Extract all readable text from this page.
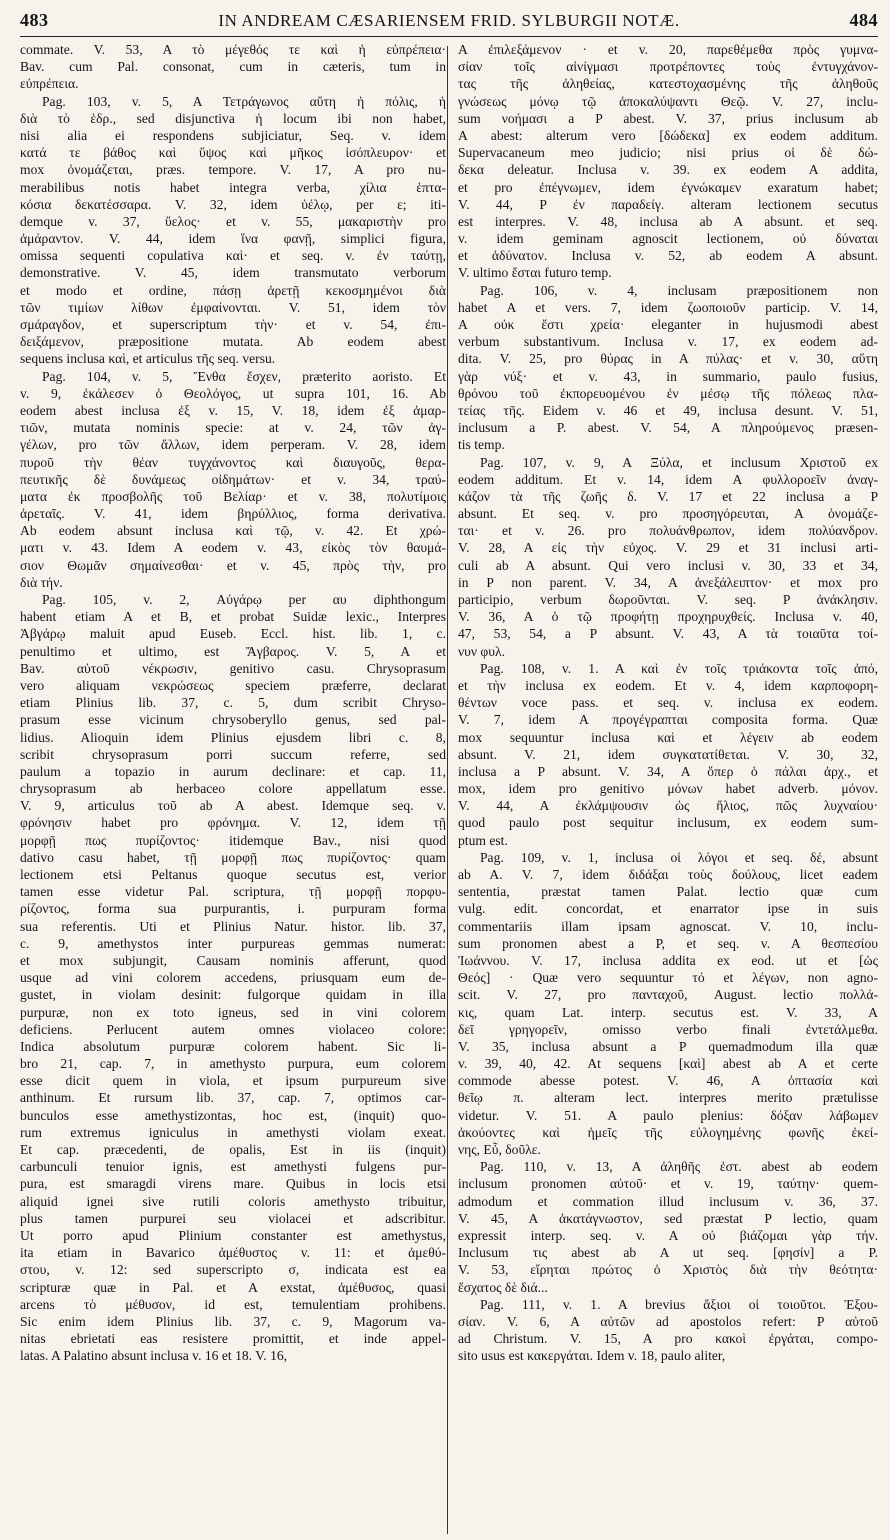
483	IN ANDREAM CÆSARIENSEM FRID. SYLBURGII NOTÆ.	484
commate. V. 53, A τὸ μέγεθός τε καὶ ἡ εὐπρέπεια·
Bav. cum Pal. consonat, cum in cæteris, tum in
εὐπρέπεια.
Pag. 103, v. 5, A Τετράγωνος αὕτη ἡ πόλις, ἡ
διὰ τὸ ἑδρ., sed disjunctiva ἡ locum ibi non habet,
nisi alia ei respondens subjiciatur, Seq. v. idem
κατά τε βάθος καὶ ὕψος καὶ μῆκος ἰσόπλευρον· et
mox ὀνομάζεται, præs. tempore. V. 17, A pro nu-
merabilibus notis habet integra verba, χίλια ἑπτα-
κόσια δεκατέσσαρα. V. 32, idem ὑέλῳ, per ε; iti-
demque v. 37, ὕελος· et v. 55, μακαριστὴν pro
ἀμάραντον. V. 44, idem ἵνα φανῇ, simplici figura,
omissa sequenti copulativa καὶ· et seq. v. ἐν ταύτῃ,
demonstrative. V. 45, idem transmutato verborum
et modo et ordine, πάσῃ ἀρετῇ κεκοσμημένοι διὰ
τῶν τιμίων λίθων ἐμφαίνονται. V. 51, idem τὸν
σμάραγδον, et superscriptum τὴν· et v. 54, ἐπι-
δειξάμενον, præpositione mutata. Ab eodem abest
sequens inclusa καὶ, et articulus τῆς seq. versu.
Pag. 104, v. 5, Ἔνθα ἔσχεν, præterito aoristo. Et
v. 9, ἐκάλεσεν ὁ Θεολόγος, ut supra 101, 16. Ab
eodem abest inclusa ἐξ v. 15, V. 18, idem ἐξ ἁμαρ-
τιῶν, mutata nominis specie: at v. 24, τῶν ἀγ-
γέλων, pro τῶν ἄλλων, idem perperam. V. 28, idem
πυροῦ τὴν θέαν τυγχάνοντος καὶ διαυγοῦς, θερα-
πευτικῆς δὲ δυνάμεως οἰδημάτων· et v. 34, τραύ-
ματα ἐκ προσβολῆς τοῦ Βελίαρ· et v. 38, πολυτίμοις
ἀρεταῖς. V. 41, idem βηρύλλιος, forma derivativa.
Ab eodem absunt inclusa καὶ τῷ, v. 42. Et χρώ-
ματι v. 43. Idem A eodem v. 43, εἰκὸς τὸν θαυμά-
σιον Θωμᾶν σημαίνεσθαι· et v. 45, πρὸς τὴν, pro
διὰ τήν.
Pag. 105, v. 2, Αὐγάρῳ per αυ diphthongum
habent etiam A et B, et probat Suidæ lexic., Interpres
Ἀβγάρῳ maluit apud Euseb. Eccl. hist. lib. 1, c.
penultimo et ultimo, est Ἄγβαρος. V. 5, A et
Bav. αὐτοῦ νέκρωσιν, genitivo casu. Chrysoprasum
vero aliquam νεκρώσεως speciem præferre, declarat
etiam Plinius lib. 37, c. 5, dum scribit Chryso-
prasum esse vicinum chrysoberyllo genus, sed pal-
lidius. Alioquin idem Plinius ejusdem libri c. 8,
scribit chrysoprasum porri succum referre, sed
paulum a topazio in aurum declinare: et cap. 11,
chrysoprasum ab herbaceo colore appellatum esse.
V. 9, articulus τοῦ ab A abest. Idemque seq. v.
φρόνησιν habet pro φρόνημα. V. 12, idem τῇ
μορφῇ πως πυρίζοντος· itidemque Bav., nisi quod
dativo casu habet, τῇ μορφῇ πως πυρίζοντος· quam
lectionem etsi Peltanus quoque secutus est, verior
tamen esse videtur Pal. scriptura, τῇ μορφῇ πορφυ-
ρίζοντος, forma sua purpurantis, i. purpuram forma
sua referentis. Uti et Plinius Natur. histor. lib. 37,
c. 9, amethystos inter purpureas gemmas numerat:
et mox subjungit, Causam nominis afferunt, quod
usque ad vini colorem accedens, priusquam eum de-
gustet, in violam desinit: fulgorque quidam in illa
purpuræ, non ex toto igneus, sed in vini colorem
deficiens. Perlucent autem omnes violaceo colore:
Indica absolutum purpuræ colorem habent. Sic li-
bro 21, cap. 7, in amethysto purpura, eum colorem
esse dicit quem in viola, et ipsum purpureum sive
anthinum. Et rursum lib. 37, cap. 7, optimos car-
bunculos esse amethystizontas, hoc est, (inquit) quo-
rum extremus igniculus in amethysti violam exeat.
Et cap. præcedenti, de opalis, Est in iis (inquit)
carbunculi tenuior ignis, est amethysti fulgens pur-
pura, est smaragdi virens mare. Quibus in locis etsi
aliquid ignei sive rutili coloris amethysto tribuitur,
plus tamen purpurei seu violacei et adscribitur.
Ut porro apud Plinium constanter est amethystus,
ita etiam in Bavarico ἀμέθυστος v. 11: et ἀμεθύ-
στου, v. 12: sed superscripto σ, indicata est ea
scripturæ quæ in Pal. et A exstat, ἀμέθυσος, quasi
arcens τὸ μέθυσον, id est, temulentiam prohibens.
Sic enim idem Plinius lib. 37, c. 9, Magorum va-
nitas ebrietati eas resistere promittit, et inde appel-
latas. A Palatino absunt inclusa v. 16 et 18. V. 16,
A ἐπιλεξάμενον · et v. 20, παρεθέμεθα πρὸς γυμνα-
σίαν τοῖς αἰνίγμασι προτρέποντες τοὺς ἐντυγχάνον-
τας τῆς ἀληθείας, κατεστοχασμένης τῆς ἀληθοῦς
γνώσεως μόνῳ τῷ ἀποκαλύψαντι Θεῷ. V. 27, inclu-
sum νοήμασι a P abest. V. 37, prius inclusum ab
A abest: alterum vero [δώδεκα] ex eodem additum.
Supervacaneum meo judicio; nisi prius οἱ δὲ δώ-
δεκα deleatur. Inclusa v. 39. ex eodem A addita,
et pro ἐπέγνωμεν, idem ἐγνώκαμεν exaratum habet;
V. 44, P ἐν παραδείγ. alteram lectionem secutus
est interpres. V. 48, inclusa ab A absunt. et seq.
v. idem geminam agnoscit lectionem, οὐ δύναται
et ἀδύνατον. Inclusa v. 52, ab eodem A absunt.
V. ultimo ἔσται futuro temp.
Pag. 106, v. 4, inclusam præpositionem non
habet A et vers. 7, idem ζωοποιοῦν particip. V. 14,
A οὐκ ἔστι χρεία· eleganter in hujusmodi abest
verbum substantivum. Inclusa v. 17, ex eodem ad-
dita. V. 25, pro θύρας in A πύλας· et v. 30, αὕτη
γὰρ νύξ· et v. 43, in summario, paulo fusius,
θρόνου τοῦ ἐκπορευομένου ἐν μέσῳ τῆς πόλεως πλα-
τείας τῆς. Eidem v. 46 et 49, inclusa desunt. V. 51,
inclusum a P. abest. V. 54, A πληρούμενος præsen-
tis temp.
Pag. 107, v. 9, A Ξύλα, et inclusum Χριστοῦ ex
eodem additum. Et v. 14, idem A φυλλοροεῖν ἀναγ-
κάζον τὰ τῆς ζωῆς δ. V. 17 et 22 inclusa a P
absunt. Et seq. v. pro προσηγόρευται, A ὀνομάζε-
ται· et v. 26. pro πολυάνθρωπον, idem πολύανδρον.
V. 28, A εἰς τὴν εὐχος. V. 29 et 31 inclusi arti-
culi ab A absunt. Qui vero inclusi v. 30, 33 et 34,
in P non parent. V. 34, A ἀνεξάλειπτον· et mox pro
participio, verbum δωροῦνται. V. seq. P ἀνάκλησιν.
V. 36, A ὁ τῷ προφήτῃ προχηρυχθείς. Inclusa v. 40,
47, 53, 54, a P absunt. V. 43, A τὰ τοιαῦτα τοί-
νυν φυλ.
Pag. 108, v. 1. A καὶ ἐν τοῖς τριάκοντα τοῖς ἀπό,
et τὴν inclusa ex eodem. Et v. 4, idem καρποφορη-
θέντων voce pass. et seq. v. inclusa ex eodem.
V. 7, idem A προγέγραπται composita forma. Quæ
mox sequuntur inclusa καὶ et λέγειν ab eodem
absunt. V. 21, idem συγκατατίθεται. V. 30, 32,
inclusa a P absunt. V. 34, A ὅπερ ὁ πάλαι ἀρχ., et
mox, idem pro genitivo μόνων habet adverb. μόνον.
V. 44, A ἐκλάμψουσιν ὡς ἥλιος, πῶς λυχναίου·
quod paulo post sequitur inclusum, ex eodem sum-
ptum est.
Pag. 109, v. 1, inclusa οἱ λόγοι et seq. δέ, absunt
ab A. V. 7, idem διδάξαι τοὺς δούλους, licet eadem
sententia, præstat tamen Palat. lectio quæ cum
vulg. edit. concordat, et enarrator ipse in suis
commentariis illam ipsam agnoscat. V. 10, inclu-
sum pronomen abest a P, et seq. v. A θεσπεσίου
Ἰωάννου. V. 17, inclusa addita ex eod. ut et [ὡς
Θεός] · Quæ vero sequuntur τό et λέγων, non agno-
scit. V. 27, pro πανταχοῦ, August. lectio πολλά-
κις, quam Lat. interp. secutus est. V. 33, A
δεῖ γρηγορεῖν, omisso verbo finali ἐντετάλμεθα.
V. 35, inclusa absunt a P quemadmodum illa quæ
v. 39, 40, 42. At sequens [καὶ] abest ab A et certe
commode abesse potest. V. 46, A ὀπτασία καὶ
θεῖῳ π. alteram lect. interpres merito prætulisse
videtur. V. 51. A paulo plenius: δόξαν λάβωμεν
ἀκούοντες καὶ ἡμεῖς τῆς εὐλογημένης φωνῆς ἐκεί-
νης, Εὖ, δοῦλε.
Pag. 110, v. 13, A ἀληθῆς ἐστ. abest ab eodem
inclusum pronomen αὐτοῦ· et v. 19, ταύτην· quem-
admodum et commation illud inclusum v. 36, 37.
V. 45, A ἀκατάγνωστον, sed præstat P lectio, quam
expressit interp. seq. v. A οὐ βιάζομαι γὰρ τήν.
Inclusum τις abest ab A ut seq. [φησίν] a P.
V. 53, εἴρηται πρώτος ὁ Χριστὸς διὰ τὴν θεότητα·
ἔσχατος δὲ διά...
Pag. 111, v. 1. A brevius ἄξιοι οἱ τοιοῦτοι. Ἐξου-
σίαν. V. 6, A αὐτῶν ad apostolos refert: P αὐτοῦ
ad Christum. V. 15, A pro κακοὶ ἐργάται, compo-
sito usus est κακεργάται. Idem v. 18, paulo aliter,
